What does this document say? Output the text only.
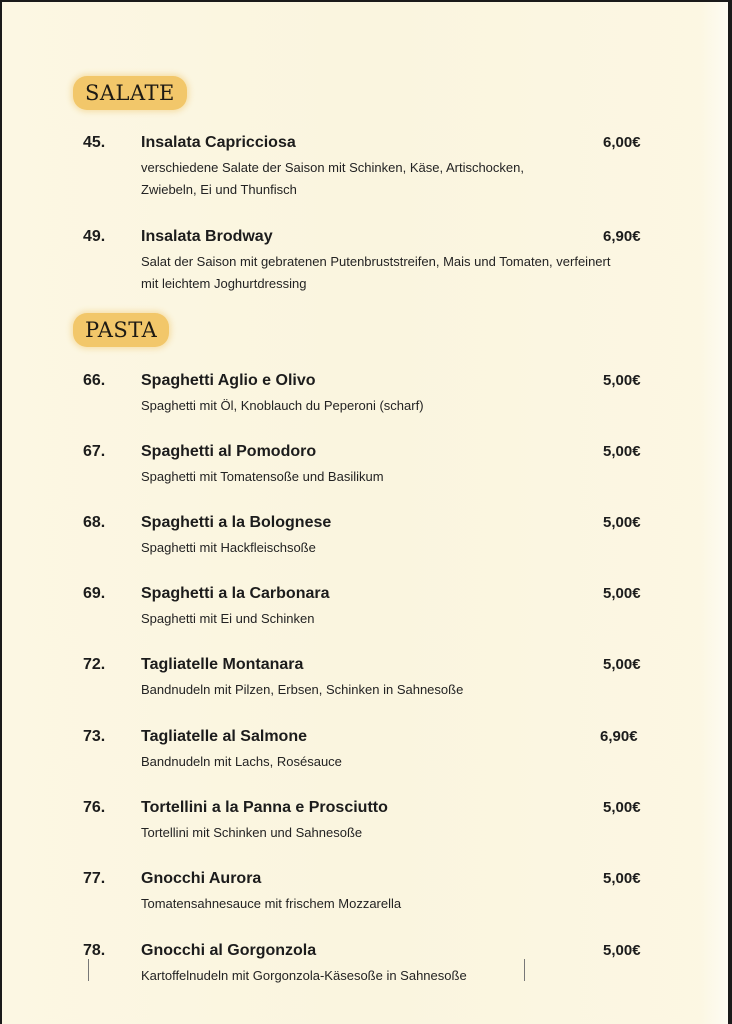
SALATE
45. Insalata Capricciosa	6,00€
verschiedene Salate der Saison mit Schinken, Käse, Artischocken, Zwiebeln, Ei und Thunfisch
49. Insalata Brodway	6,90€
Salat der Saison mit gebratenen Putenbruststreifen, Mais und Tomaten, verfeinert mit leichtem Joghurtdressing
PASTA
66. Spaghetti Aglio e Olivo	5,00€
Spaghetti mit Öl, Knoblauch du Peperoni (scharf)
67. Spaghetti al Pomodoro	5,00€
Spaghetti mit Tomatensoße und Basilikum
68. Spaghetti a la Bolognese	5,00€
Spaghetti mit Hackfleischsoße
69. Spaghetti a la Carbonara	5,00€
Spaghetti mit Ei und Schinken
72. Tagliatelle Montanara	5,00€
Bandnudeln mit Pilzen, Erbsen, Schinken in Sahnesoße
73. Tagliatelle al Salmone	6,90€
Bandnudeln mit Lachs, Rosésauce
76. Tortellini a la Panna e Prosciutto	5,00€
Tortellini mit Schinken und Sahnesoße
77. Gnocchi Aurora	5,00€
Tomatensahnesauce mit frischem Mozzarella
78. Gnocchi al Gorgonzola	5,00€
Kartoffelnudeln mit Gorgonzola-Käsesoße in Sahnesoße
